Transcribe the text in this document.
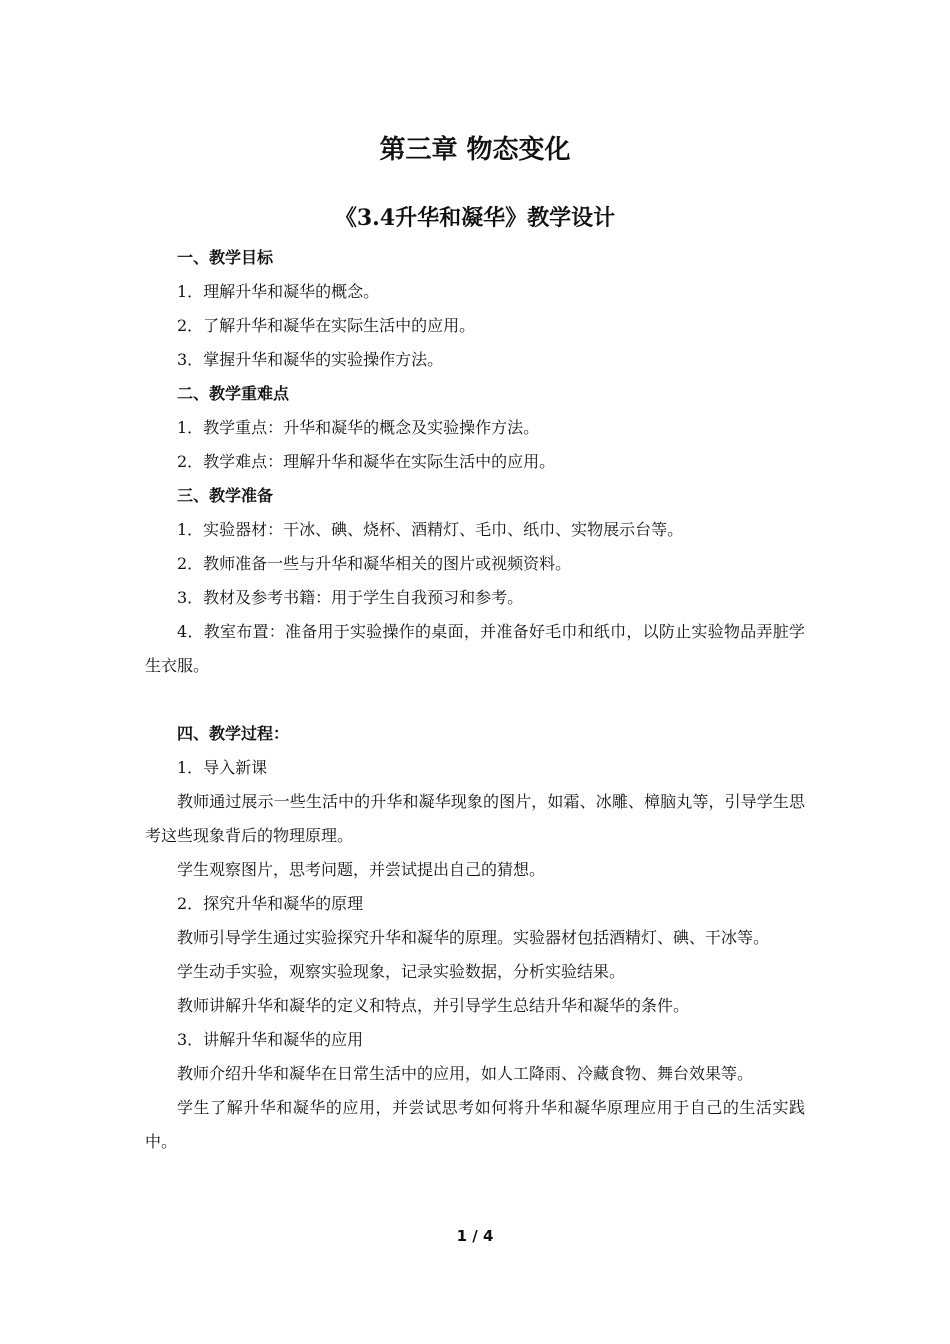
第三章 物态变化
《3.4升华和凝华》教学设计

一、教学目标

1．理解升华和凝华的概念。

2．了解升华和凝华在实际生活中的应用。

3．掌握升华和凝华的实验操作方法。

二、教学重难点

1．教学重点：升华和凝华的概念及实验操作方法。

2．教学难点：理解升华和凝华在实际生活中的应用。

三、教学准备

1．实验器材：干冰、碘、烧杯、酒精灯、毛巾、纸巾、实物展示台等。

2．教师准备一些与升华和凝华相关的图片或视频资料。

3．教材及参考书籍：用于学生自我预习和参考。

4．教室布置：准备用于实验操作的桌面，并准备好毛巾和纸巾，以防止实验物品弄脏学生衣服。

四、教学过程：

1．导入新课

教师通过展示一些生活中的升华和凝华现象的图片，如霜、冰雕、樟脑丸等，引导学生思考这些现象背后的物理原理。

学生观察图片，思考问题，并尝试提出自己的猜想。

2．探究升华和凝华的原理

教师引导学生通过实验探究升华和凝华的原理。实验器材包括酒精灯、碘、干冰等。

学生动手实验，观察实验现象，记录实验数据，分析实验结果。

教师讲解升华和凝华的定义和特点，并引导学生总结升华和凝华的条件。

3．讲解升华和凝华的应用

教师介绍升华和凝华在日常生活中的应用，如人工降雨、冷藏食物、舞台效果等。

学生了解升华和凝华的应用，并尝试思考如何将升华和凝华原理应用于自己的生活实践中。

1 / 4
